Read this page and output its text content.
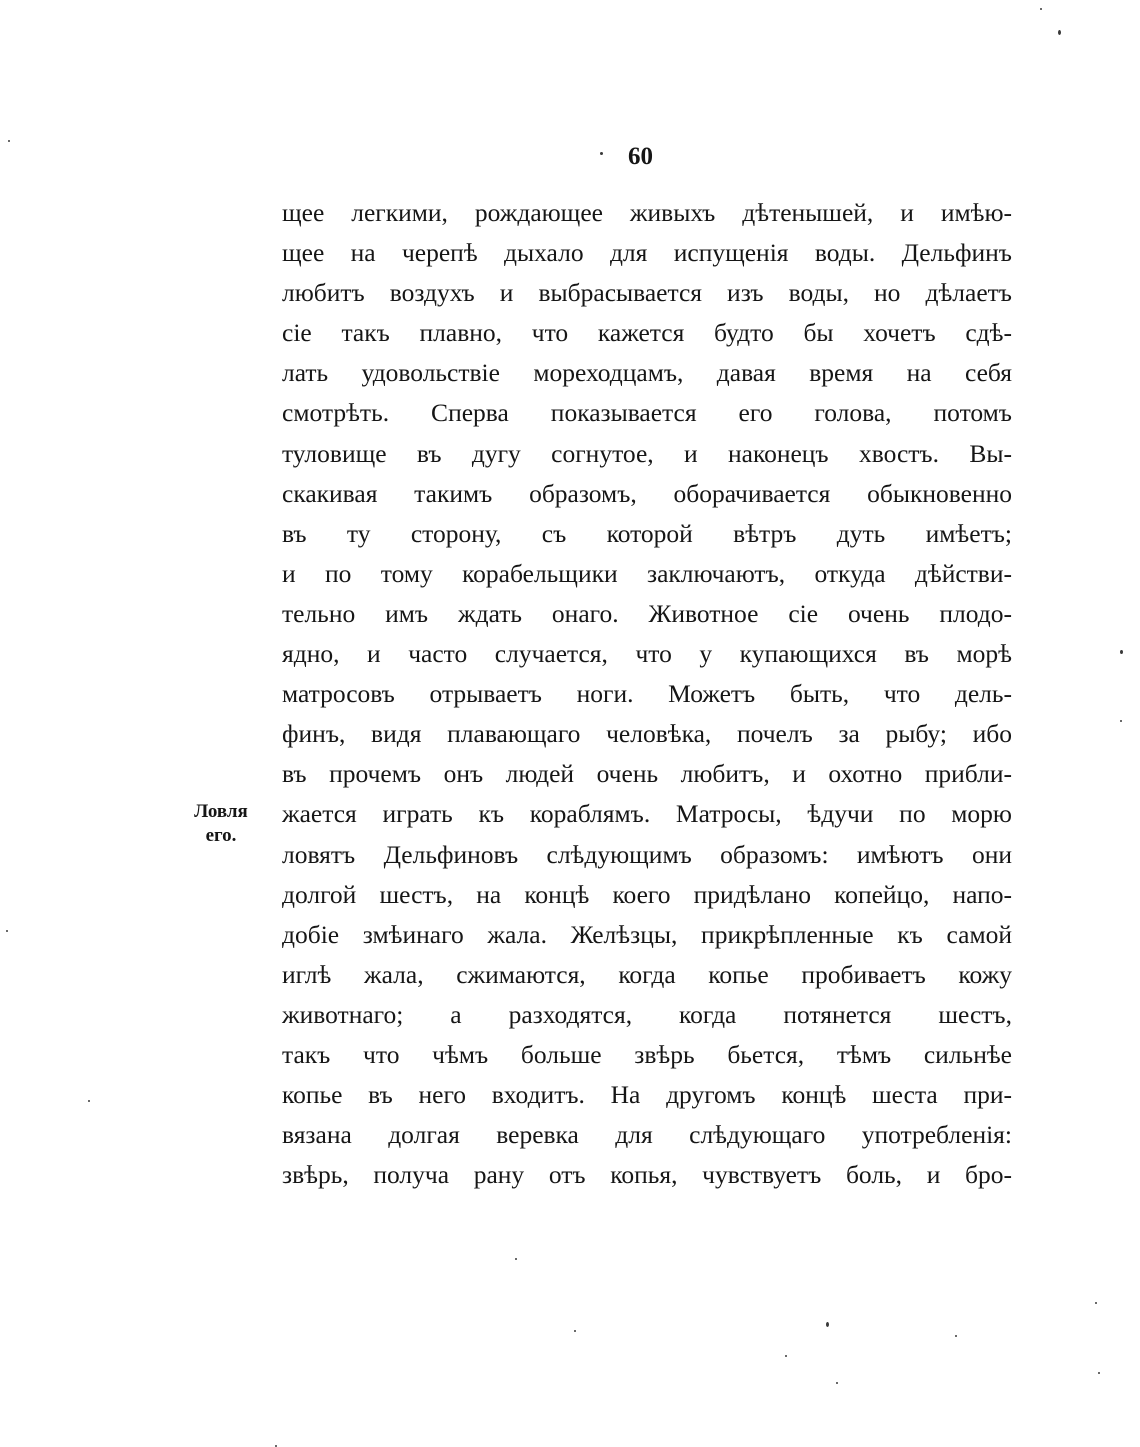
60
Ловля
его.
щее легкими, рождающее живыхъ дѣтенышей, и имѣю-
щее на черепѣ дыхало для испущенія воды. Дельфинъ
любитъ воздухъ и выбрасывается изъ воды, но дѣлаетъ
сіе такъ плавно, что кажется будто бы хочетъ сдѣ-
лать удовольствіе мореходцамъ, давая время на себя
смотрѣть. Сперва показывается его голова, потомъ
туловище въ дугу согнутое, и наконецъ хвостъ. Вы-
скакивая такимъ образомъ, оборачивается обыкновенно
въ ту сторону, съ которой вѣтръ дуть имѣетъ;
и по тому корабельщики заключаютъ, откуда дѣйстви-
тельно имъ ждать онаго. Животное сіе очень плодо-
ядно, и часто случается, что у купающихся въ морѣ
матросовъ отрываетъ ноги. Можетъ быть, что дель-
финъ, видя плавающаго человѣка, почелъ за рыбу; ибо
въ прочемъ онъ людей очень любитъ, и охотно прибли-
жается играть къ кораблямъ. Матросы, ѣдучи по морю
ловятъ Дельфиновъ слѣдующимъ образомъ: имѣютъ они
долгой шестъ, на концѣ коего придѣлано копейцо, напо-
добіе змѣинаго жала. Желѣзцы, прикрѣпленные къ самой
иглѣ жала, сжимаются, когда копье пробиваетъ кожу
животнаго; а разходятся, когда потянется шестъ,
такъ что чѣмъ больше звѣрь бьется, тѣмъ сильнѣе
копье въ него входитъ. На другомъ концѣ шеста при-
вязана долгая веревка для слѣдующаго употребленія:
звѣрь, получа рану отъ копья, чувствуетъ боль, и бро-
